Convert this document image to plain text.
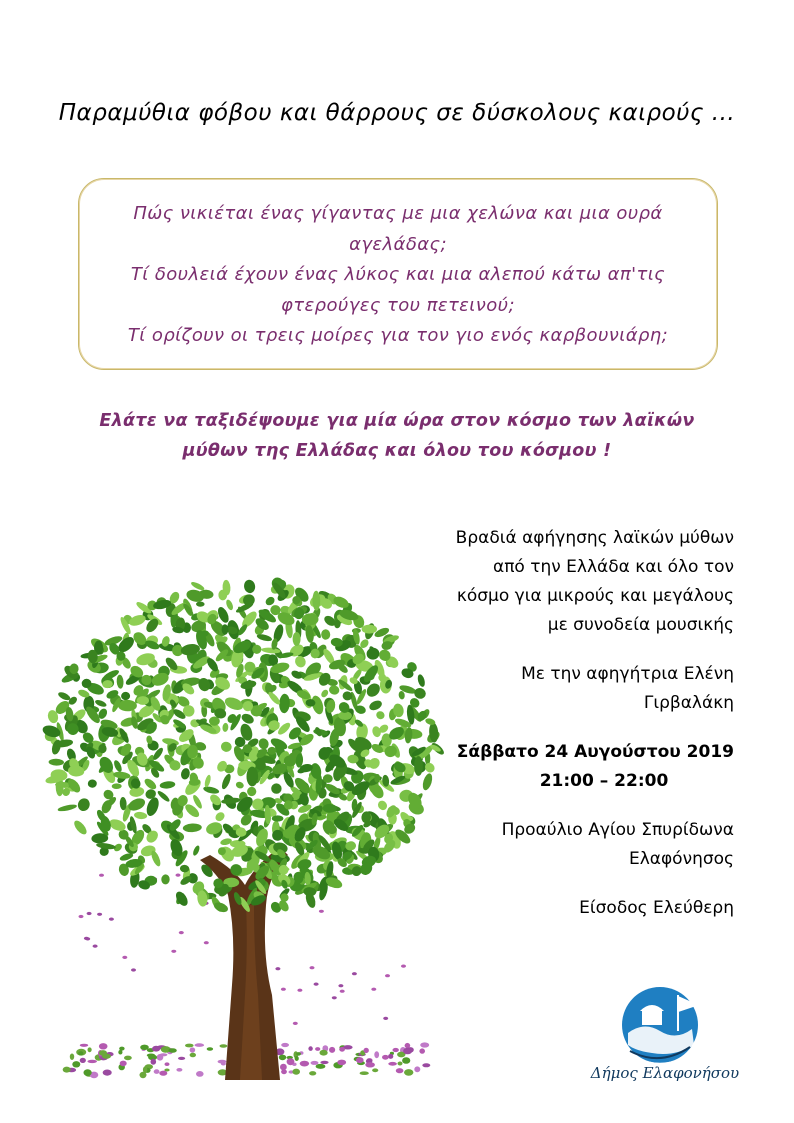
Παραμύθια φόβου και θάρρους σε δύσκολους καιρούς ...
Πώς νικιέται ένας γίγαντας με μια χελώνα και μια ουρά
αγελάδας;
Τί δουλειά έχουν ένας λύκος και μια αλεπού κάτω απ'τις
φτερούγες του πετεινού;
Τί ορίζουν οι τρεις μοίρες για τον γιο ενός καρβουνιάρη;
Ελάτε να ταξιδέψουμε για μία ώρα στον κόσμο των λαϊκών
μύθων της Ελλάδας και όλου του κόσμου !
Βραδιά αφήγησης λαϊκών μύθων
από την Ελλάδα και όλο τον
κόσμο για μικρούς και μεγάλους
με συνοδεία μουσικής
Με την αφηγήτρια Ελένη
Γιρβαλάκη
Σάββατο 24 Αυγούστου 2019
21:00 – 22:00
Προαύλιο Αγίου Σπυρίδωνα
Ελαφόνησος
Είσοδος Ελεύθερη
Δήμος Ελαφονήσου
